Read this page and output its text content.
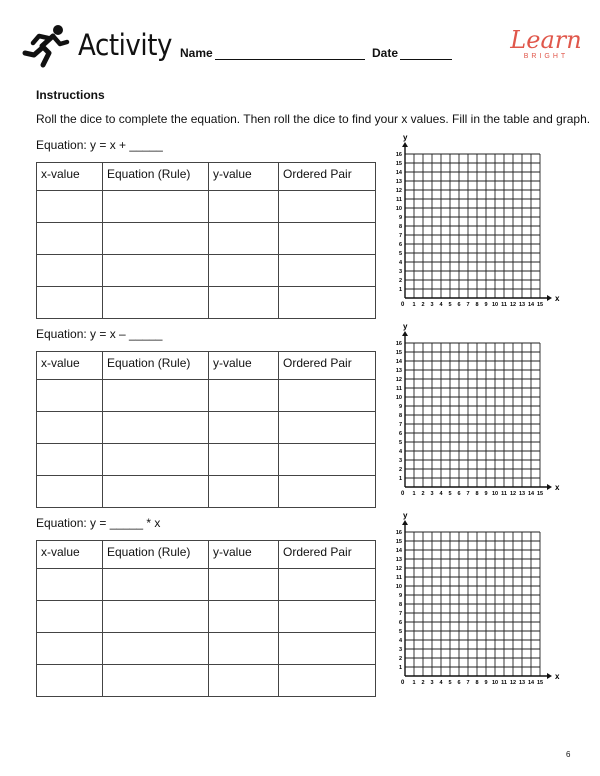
Activity Name	Date	Learn
BRIGHT
Instructions
Roll the dice to complete the equation. Then roll the dice to find your x values. Fill in the table and graph.
Equation: y = x + _____
x-value	Equation (Rule)	y-value	Ordered Pair

x
y
0 1 2 3 4 5 6 7 8 9 10 11 12 13 14 15
1
2
3
4
5
6
7
8
9
10
11
12
13
14
15
16
Equation: y = x – _____
x-value	Equation (Rule)	y-value	Ordered Pair

x
y
0 1 2 3 4 5 6 7 8 9 10 11 12 13 14 15
1
2
3
4
5
6
7
8
9
10
11
12
13
14
15
16
Equation: y = _____ * x
x-value	Equation (Rule)	y-value	Ordered Pair

x
y
0 1 2 3 4 5 6 7 8 9 10 11 12 13 14 15
1
2
3
4
5
6
7
8
9
10
11
12
13
14
15
16
6
